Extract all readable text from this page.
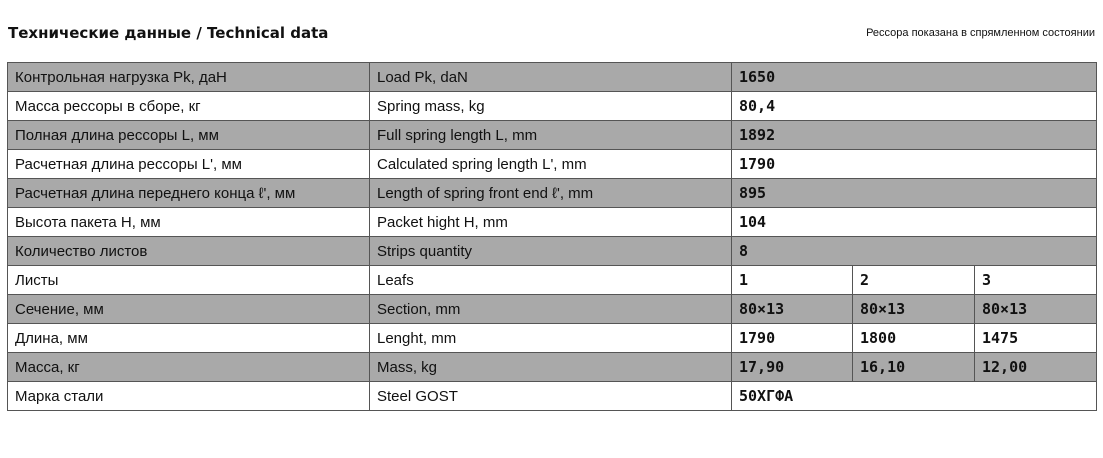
Технические данные / Technical data	Рессора показана в спрямленном состоянии
Контрольная нагрузка Pk, даН	Load Pk, daN	1650		
Масса рессоры в сборе, кг	Spring mass, kg	80,4		
Полная длина рессоры L, мм	Full spring length L, mm	1892		
Расчетная длина рессоры L', мм	Calculated spring length L', mm	1790		
Расчетная длина переднего конца ℓ', мм	Length of spring front end ℓ', mm	895		
Высота пакета Н, мм	Packet hight H, mm	104		
Количество листов	Strips quantity	8		
Листы	Leafs	1	2	3
Сечение, мм	Section, mm	80×13	80×13	80×13
Длина, мм	Lenght, mm	1790	1800	1475
Масса, кг	Mass, kg	17,90	16,10	12,00
Марка стали	Steel GOST	50ХГФА		
